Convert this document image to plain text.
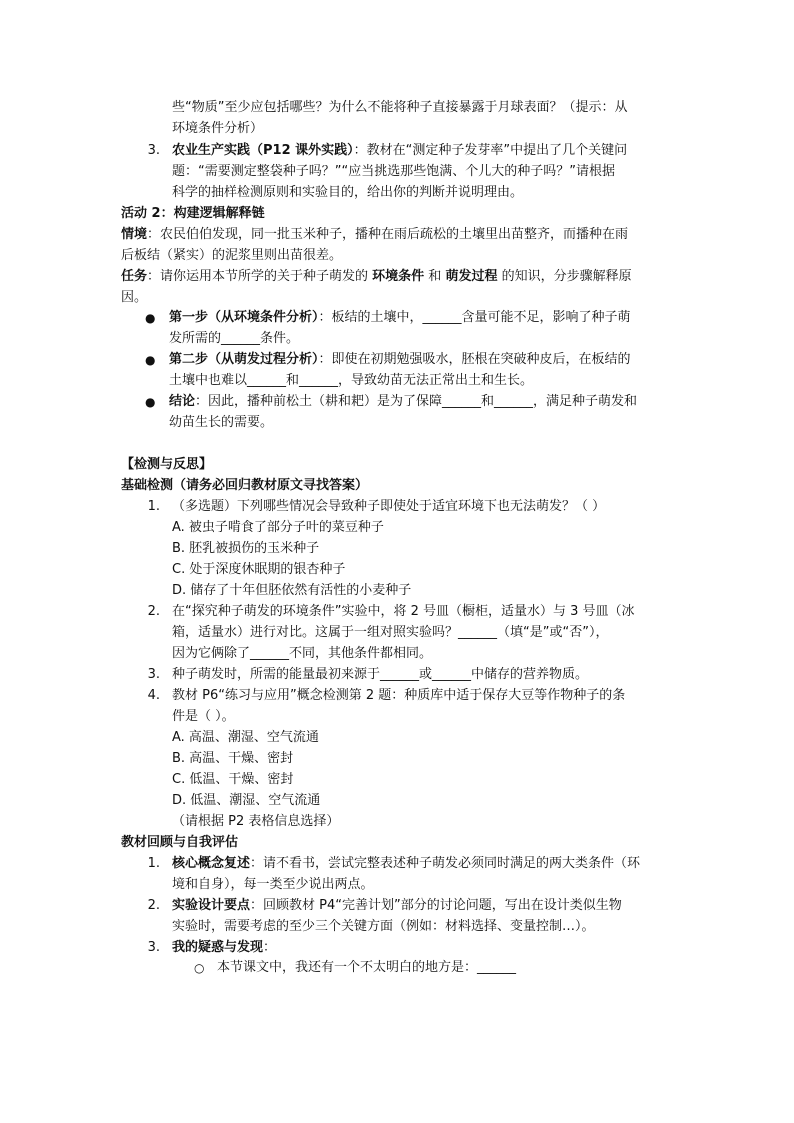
些“物质”至少应包括哪些？为什么不能将种子直接暴露于月球表面？（提示：从
环境条件分析）
3. 农业生产实践（P12 课外实践）：教材在“测定种子发芽率”中提出了几个关键问
题：“需要测定整袋种子吗？”“应当挑选那些饱满、个儿大的种子吗？”请根据
科学的抽样检测原则和实验目的，给出你的判断并说明理由。
活动 2：构建逻辑解释链
情境：农民伯伯发现，同一批玉米种子，播种在雨后疏松的土壤里出苗整齐，而播种在雨
后板结（紧实）的泥浆里则出苗很差。
任务：请你运用本节所学的关于种子萌发的 环境条件 和 萌发过程 的知识，分步骤解释原
因。
● 第一步（从环境条件分析）：板结的土壤中，______含量可能不足，影响了种子萌
发所需的______条件。
● 第二步（从萌发过程分析）：即使在初期勉强吸水，胚根在突破种皮后，在板结的
土壤中也难以______和______，导致幼苗无法正常出土和生长。
● 结论：因此，播种前松土（耕和耙）是为了保障______和______，满足种子萌发和
幼苗生长的需要。
【检测与反思】
基础检测（请务必回归教材原文寻找答案）
1. （多选题）下列哪些情况会导致种子即使处于适宜环境下也无法萌发？（ ）
A. 被虫子啃食了部分子叶的菜豆种子
B. 胚乳被损伤的玉米种子
C. 处于深度休眠期的银杏种子
D. 储存了十年但胚依然有活性的小麦种子
2. 在“探究种子萌发的环境条件”实验中，将 2 号皿（橱柜，适量水）与 3 号皿（冰
箱，适量水）进行对比。这属于一组对照实验吗？______（填“是”或“否”），
因为它俩除了______不同，其他条件都相同。
3. 种子萌发时，所需的能量最初来源于______或______中储存的营养物质。
4. 教材 P6“练习与应用”概念检测第 2 题：种质库中适于保存大豆等作物种子的条
件是（ ）。
A. 高温、潮湿、空气流通
B. 高温、干燥、密封
C. 低温、干燥、密封
D. 低温、潮湿、空气流通
（请根据 P2 表格信息选择）
教材回顾与自我评估
1. 核心概念复述：请不看书，尝试完整表述种子萌发必须同时满足的两大类条件（环
境和自身），每一类至少说出两点。
2. 实验设计要点：回顾教材 P4“完善计划”部分的讨论问题，写出在设计类似生物
实验时，需要考虑的至少三个关键方面（例如：材料选择、变量控制…）。
3. 我的疑惑与发现：
○ 本节课文中，我还有一个不太明白的地方是：______
